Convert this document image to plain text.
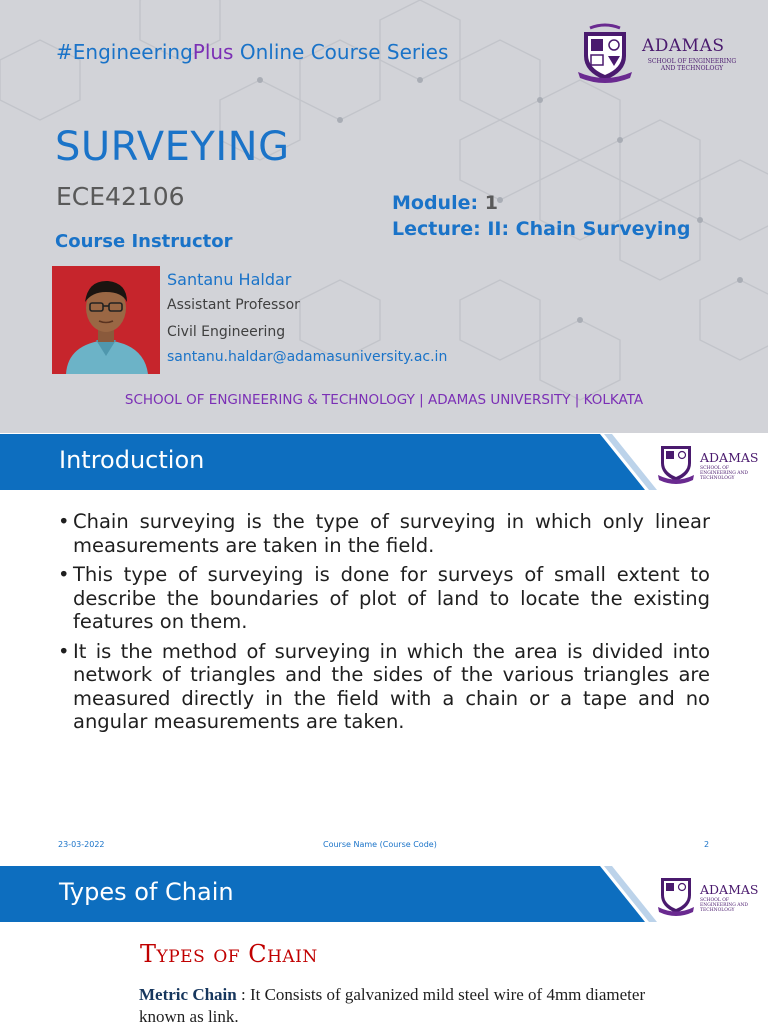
#EngineeringPlus Online Course Series	ADAMAS
SCHOOL OF ENGINEERING AND TECHNOLOGY
SURVEYING
ECE42106	Module: 1
Lecture: II: Chain Surveying
Course Instructor
Santanu Haldar
Assistant Professor
Civil Engineering
santanu.haldar@adamasuniversity.ac.in
SCHOOL OF ENGINEERING & TECHNOLOGY | ADAMAS UNIVERSITY | KOLKATA
Introduction	ADAMAS
SCHOOL OF ENGINEERING AND TECHNOLOGY
• Chain surveying is the type of surveying in which only linear measurements are taken in the field.
• This type of surveying is done for surveys of small extent to describe the boundaries of plot of land to locate the existing features on them.
• It is the method of surveying in which the area is divided into network of triangles and the sides of the various triangles are measured directly in the field with a chain or a tape and no angular measurements are taken.
23-03-2022	Course Name (Course Code)	2
Types of Chain	ADAMAS
SCHOOL OF ENGINEERING AND TECHNOLOGY
Types of Chain
Metric Chain : It Consists of galvanized mild steel wire of 4mm diameter known as link.
